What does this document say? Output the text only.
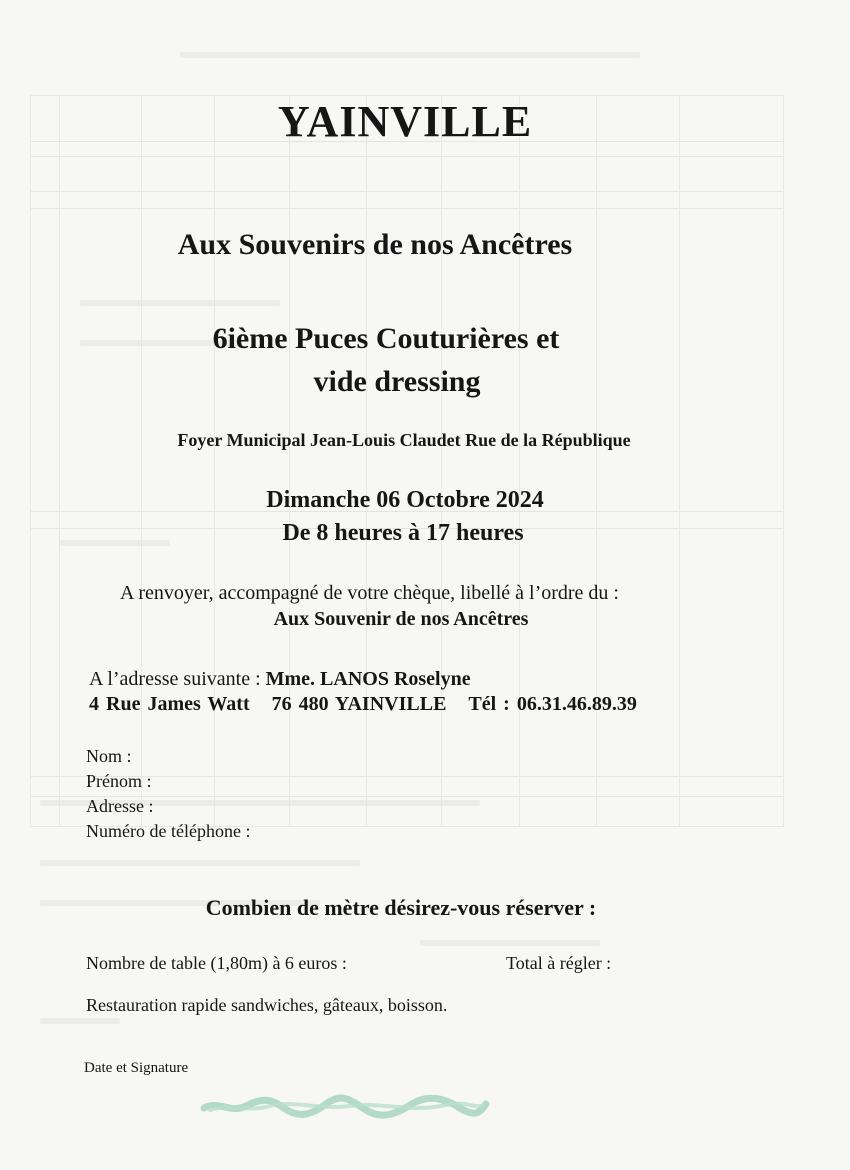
YAINVILLE
Aux Souvenirs de nos Ancêtres
6ième Puces Couturières et
vide dressing
Foyer Municipal Jean-Louis Claudet Rue de la République
Dimanche 06 Octobre 2024
De 8 heures à 17 heures
A renvoyer, accompagné de votre chèque, libellé à l’ordre du :
Aux Souvenir de nos Ancêtres
A l’adresse suivante : Mme. LANOS Roselyne
4 Rue James Watt 76 480 YAINVILLE Tél : 06.31.46.89.39
Nom :
Prénom :
Adresse :
Numéro de téléphone :
Combien de mètre désirez-vous réserver :
Nombre de table (1,80m) à 6 euros :	Total à régler :
Restauration rapide sandwiches, gâteaux, boisson.
Date et Signature
